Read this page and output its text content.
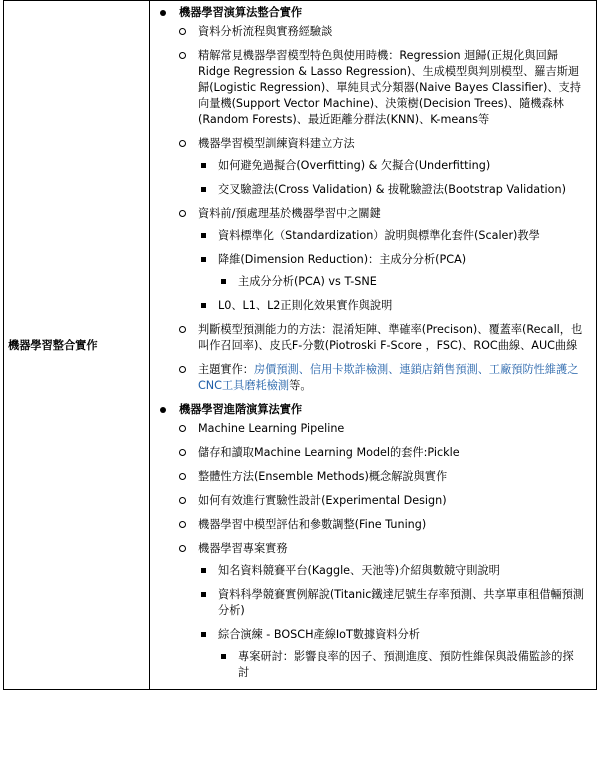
機器學習整合實作	
機器學習演算法整合實作
資料分析流程與實務經驗談
精解常見機器學習模型特色與使用時機：Regression 迴歸(正規化與回歸Ridge Regression & Lasso Regression)、生成模型與判別模型、羅吉斯迴歸(Logistic Regression)、單純貝式分類器(Naive Bayes Classifier)、支持向量機(Support Vector Machine)、決策樹(Decision Trees)、隨機森林(Random Forests)、最近距離分群法(KNN)、K-means等
機器學習模型訓練資料建立方法
如何避免過擬合(Overfitting) & 欠擬合(Underfitting)
交叉驗證法(Cross Validation) & 拔靴驗證法(Bootstrap Validation)
資料前/預處理基於機器學習中之關鍵
資料標準化（Standardization）說明與標準化套件(Scaler)教學
降維(Dimension Reduction)：主成分分析(PCA)
主成分分析(PCA) vs T-SNE
L0、L1、L2正則化效果實作與說明
判斷模型預測能力的方法：混淆矩陣、準確率(Precison)、覆蓋率(Recall，也叫作召回率)、皮氏F-分數(Piotroski F-Score ，FSC)、ROC曲線、AUC曲線
主題實作：房價預測、信用卡欺詐檢測、連鎖店銷售預測、工廠預防性維護之CNC工具磨耗檢測等。
機器學習進階演算法實作
Machine Learning Pipeline
儲存和讀取Machine Learning Model的套件:Pickle
整體性方法(Ensemble Methods)概念解說與實作
如何有效進行實驗性設計(Experimental Design)
機器學習中模型評估和參數調整(Fine Tuning)
機器學習專案實務
知名資料競賽平台(Kaggle、天池等)介紹與數競守則說明
資料科學競賽實例解說(Titanic鐵達尼號生存率預測、共享單車租借輛預測分析)
綜合演練 - BOSCH產線IoT數據資料分析
專案研討：影響良率的因子、預測進度、預防性維保與設備監診的探討
